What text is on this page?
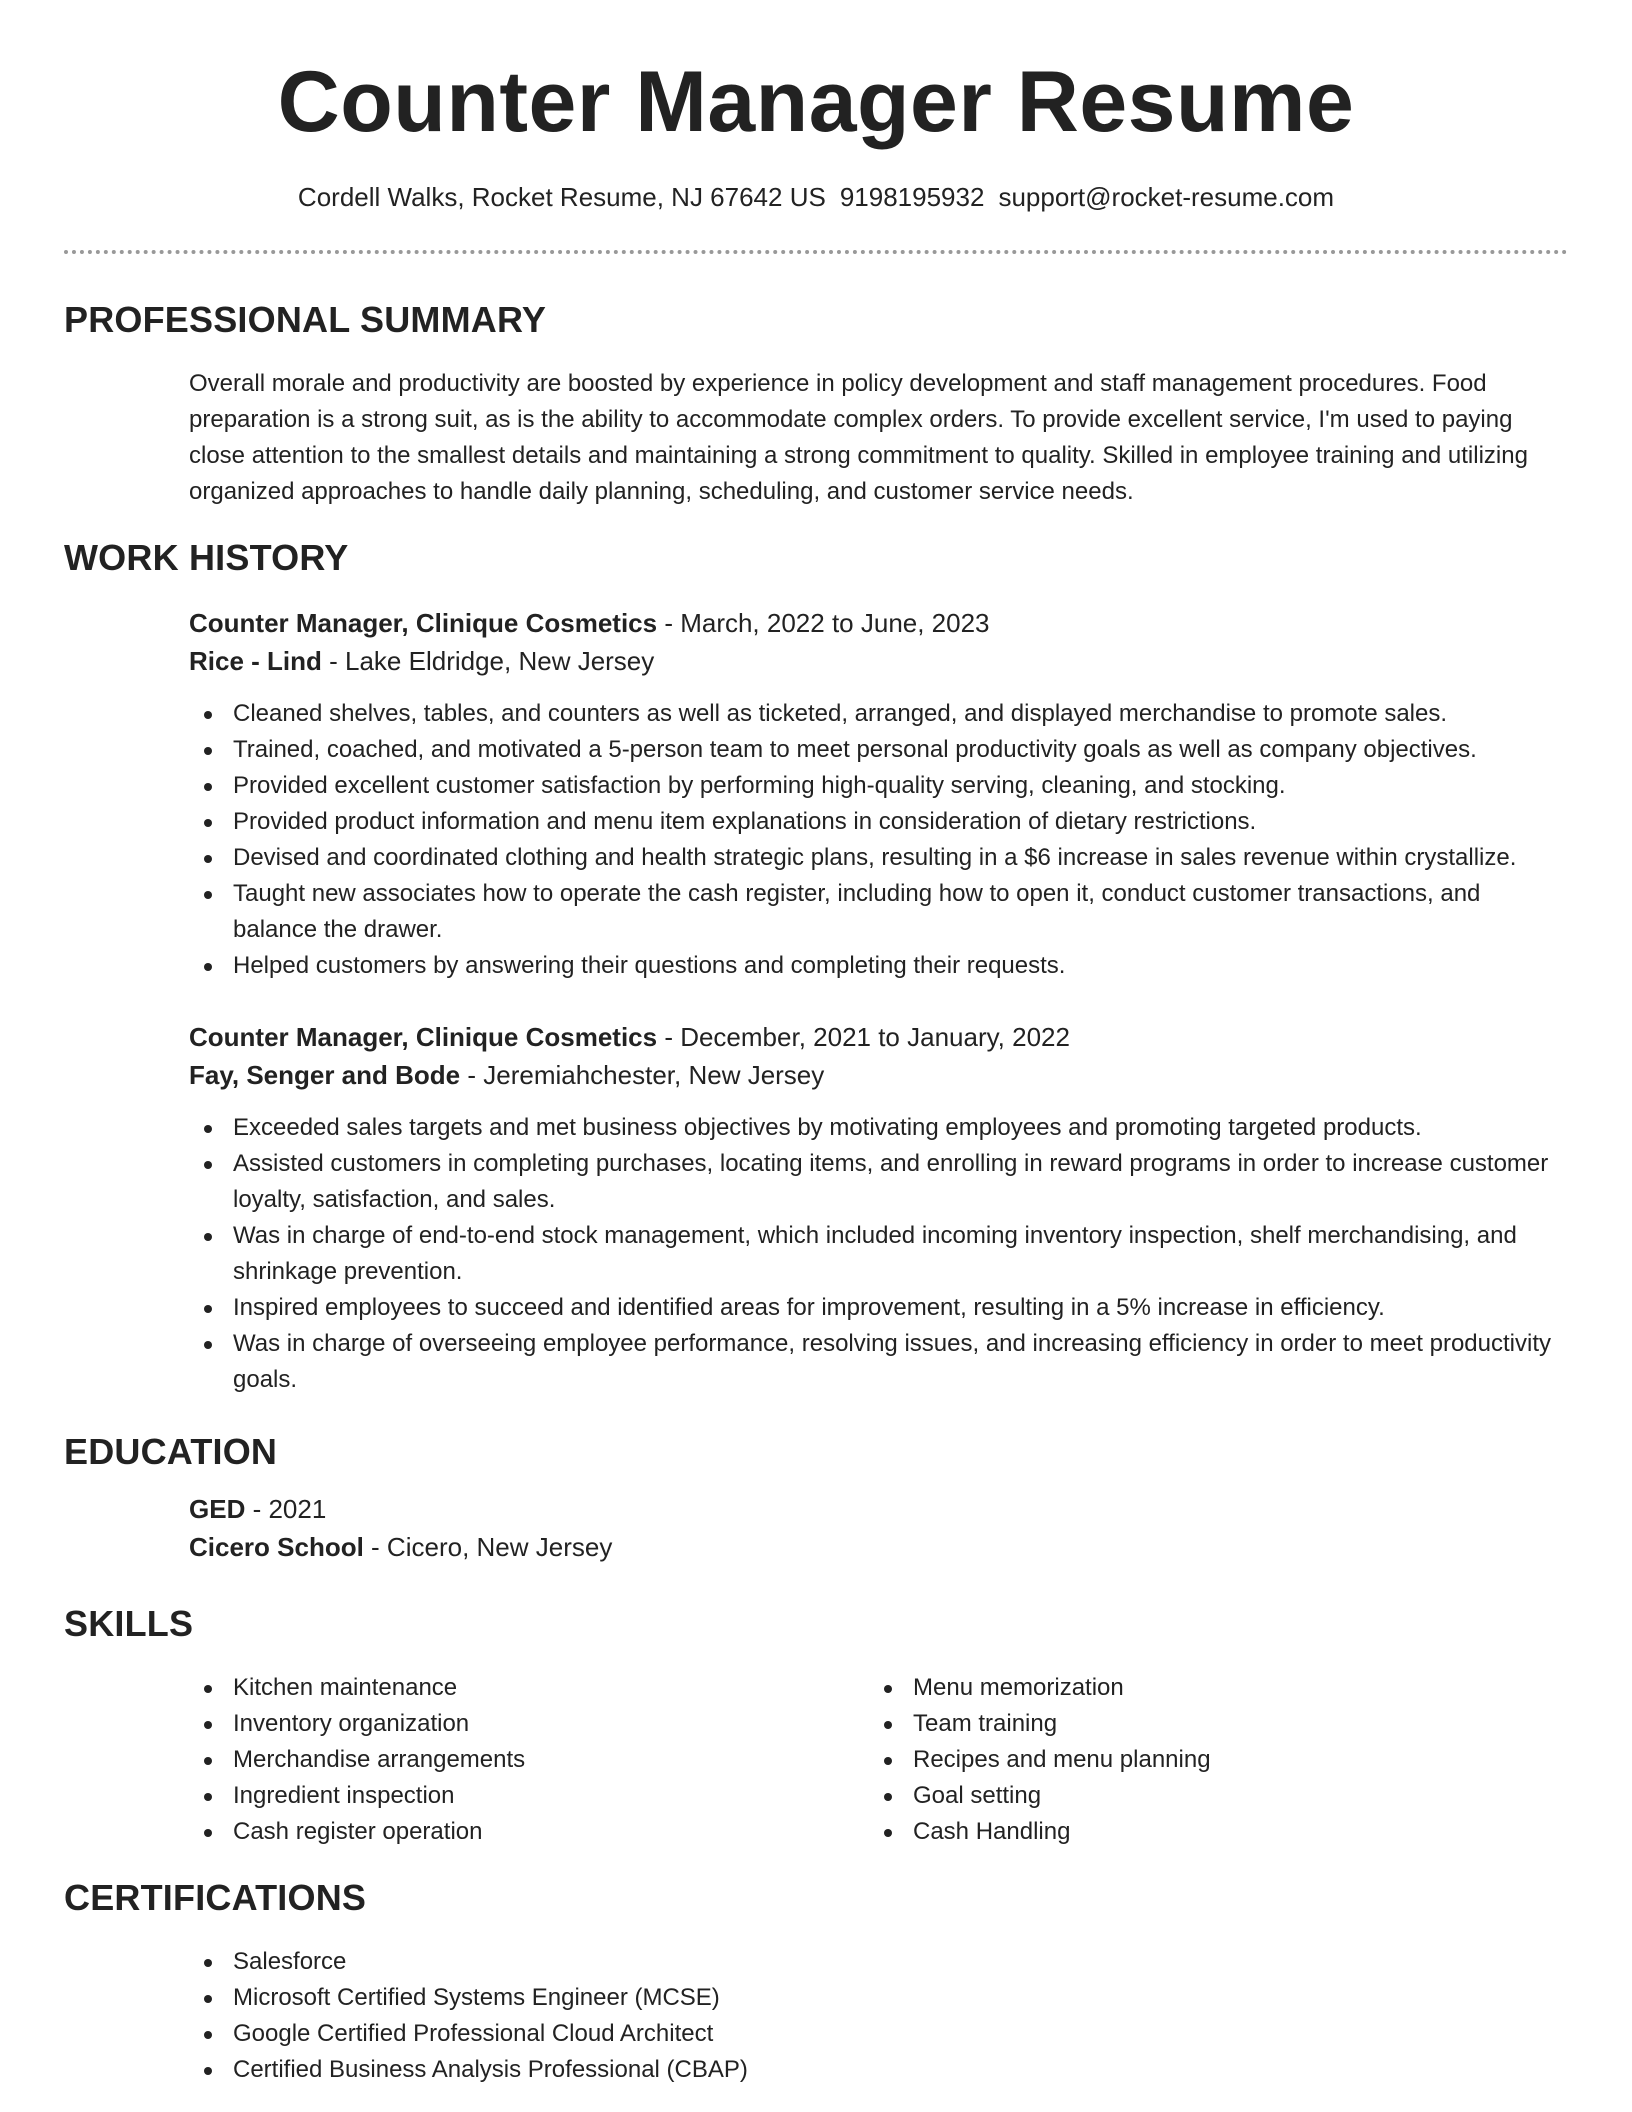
Counter Manager Resume
Cordell Walks, Rocket Resume, NJ 67642 US 9198195932 support@rocket-resume.com
PROFESSIONAL SUMMARY

Overall morale and productivity are boosted by experience in policy development and staff management procedures. Food preparation is a strong suit, as is the ability to accommodate complex orders. To provide excellent service, I'm used to paying close attention to the smallest details and maintaining a strong commitment to quality. Skilled in employee training and utilizing organized approaches to handle daily planning, scheduling, and customer service needs.

WORK HISTORY
Counter Manager, Clinique Cosmetics - March, 2022 to June, 2023
Rice - Lind - Lake Eldridge, New Jersey
Cleaned shelves, tables, and counters as well as ticketed, arranged, and displayed merchandise to promote sales.
Trained, coached, and motivated a 5-person team to meet personal productivity goals as well as company objectives.
Provided excellent customer satisfaction by performing high-quality serving, cleaning, and stocking.
Provided product information and menu item explanations in consideration of dietary restrictions.
Devised and coordinated clothing and health strategic plans, resulting in a $6 increase in sales revenue within crystallize.
Taught new associates how to operate the cash register, including how to open it, conduct customer transactions, and balance the drawer.
Helped customers by answering their questions and completing their requests.
Counter Manager, Clinique Cosmetics - December, 2021 to January, 2022
Fay, Senger and Bode - Jeremiahchester, New Jersey
Exceeded sales targets and met business objectives by motivating employees and promoting targeted products.
Assisted customers in completing purchases, locating items, and enrolling in reward programs in order to increase customer loyalty, satisfaction, and sales.
Was in charge of end-to-end stock management, which included incoming inventory inspection, shelf merchandising, and shrinkage prevention.
Inspired employees to succeed and identified areas for improvement, resulting in a 5% increase in efficiency.
Was in charge of overseeing employee performance, resolving issues, and increasing efficiency in order to meet productivity goals.
EDUCATION
GED - 2021
Cicero School - Cicero, New Jersey
SKILLS
Kitchen maintenance
Inventory organization
Merchandise arrangements
Ingredient inspection
Cash register operation
Menu memorization
Team training
Recipes and menu planning
Goal setting
Cash Handling
CERTIFICATIONS
Salesforce
Microsoft Certified Systems Engineer (MCSE)
Google Certified Professional Cloud Architect
Certified Business Analysis Professional (CBAP)
